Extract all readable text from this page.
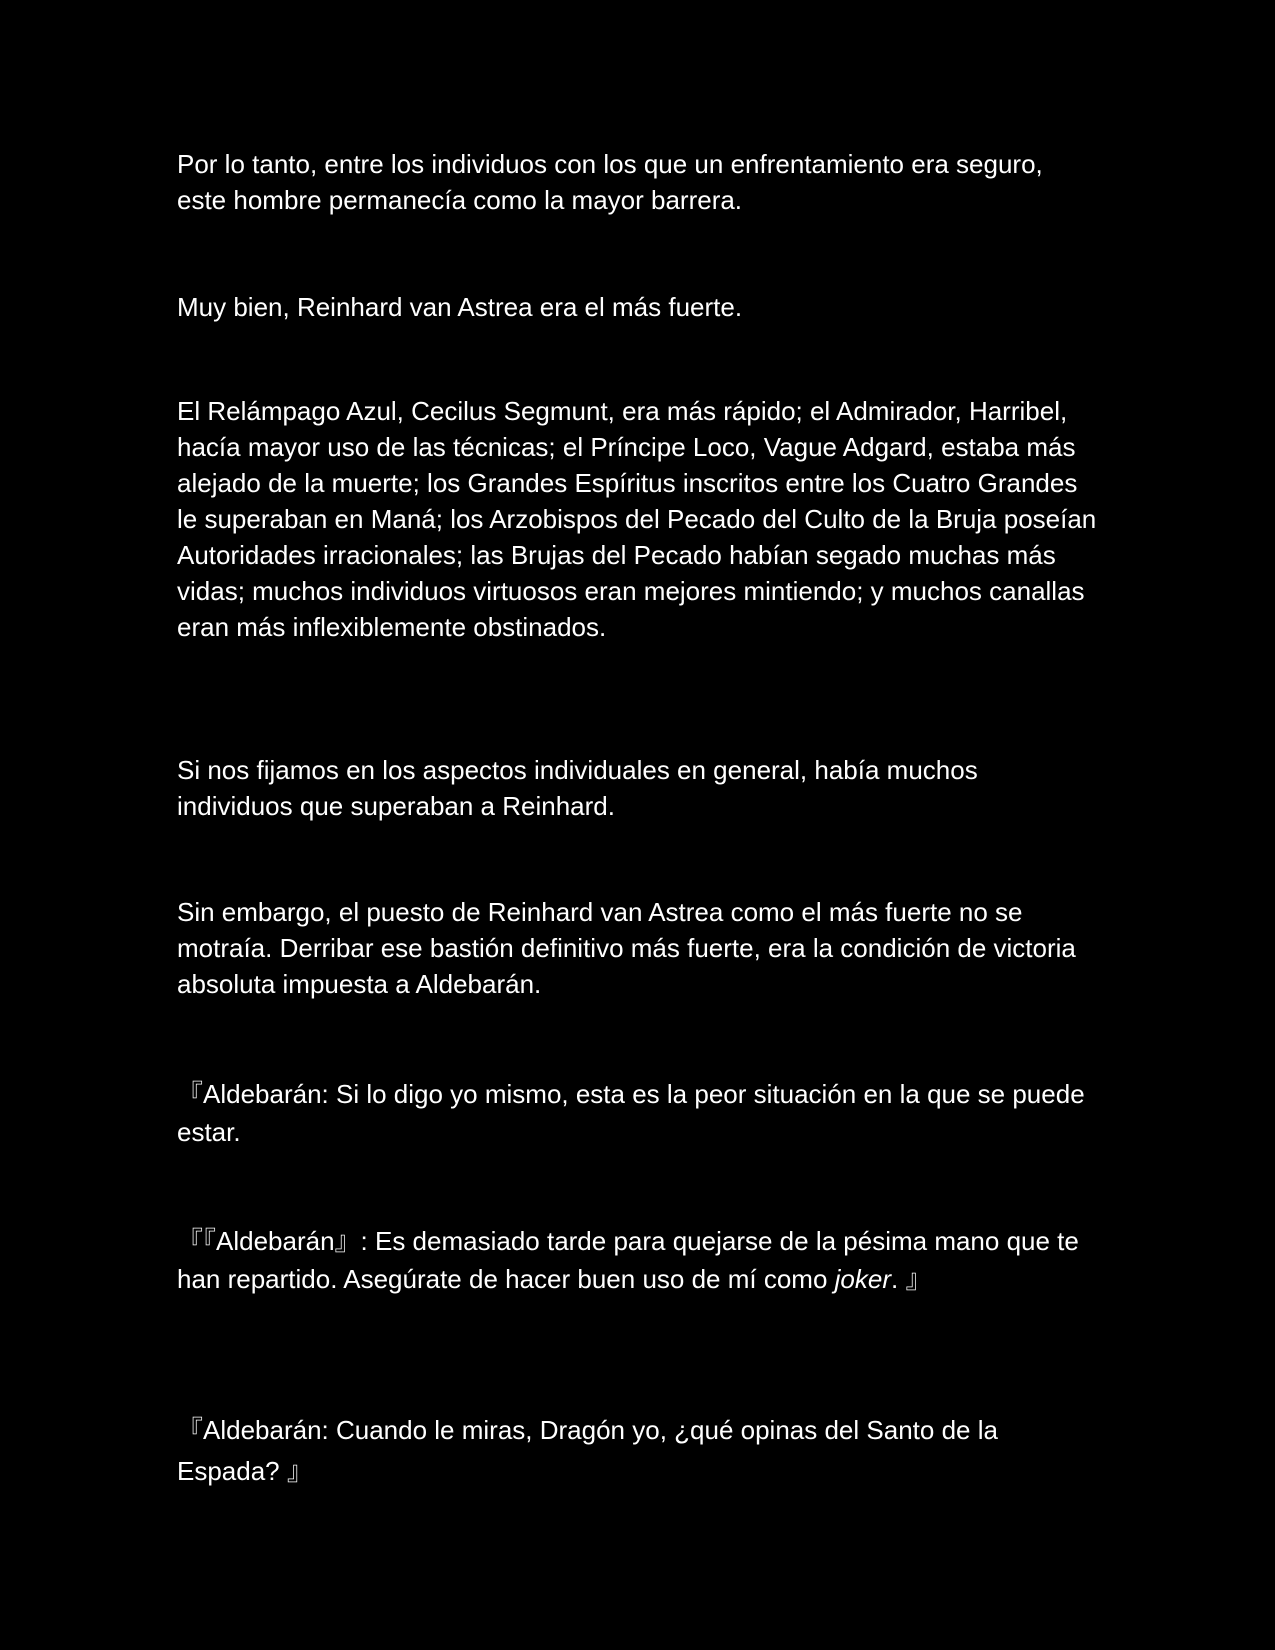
Por lo tanto, entre los individuos con los que un enfrentamiento era seguro, este hombre permanecía como la mayor barrera.

Muy bien, Reinhard van Astrea era el más fuerte.

El Relámpago Azul, Cecilus Segmunt, era más rápido; el Admirador, Harribel, hacía mayor uso de las técnicas; el Príncipe Loco, Vague Adgard, estaba más alejado de la muerte; los Grandes Espíritus inscritos entre los Cuatro Grandes le superaban en Maná; los Arzobispos del Pecado del Culto de la Bruja poseían Autoridades irracionales; las Brujas del Pecado habían segado muchas más vidas; muchos individuos virtuosos eran mejores mintiendo; y muchos canallas eran más inflexiblemente obstinados.

Si nos fijamos en los aspectos individuales en general, había muchos individuos que superaban a Reinhard.

Sin embargo, el puesto de Reinhard van Astrea como el más fuerte no se motraía. Derribar ese bastión definitivo más fuerte, era la condición de victoria absoluta impuesta a Aldebarán.

『Aldebarán: Si lo digo yo mismo, esta es la peor situación en la que se puede estar.

『『Aldebarán』: Es demasiado tarde para quejarse de la pésima mano que te han repartido. Asegúrate de hacer buen uso de mí como joker. 』

『Aldebarán: Cuando le miras, Dragón yo, ¿qué opinas del Santo de la Espada? 』
